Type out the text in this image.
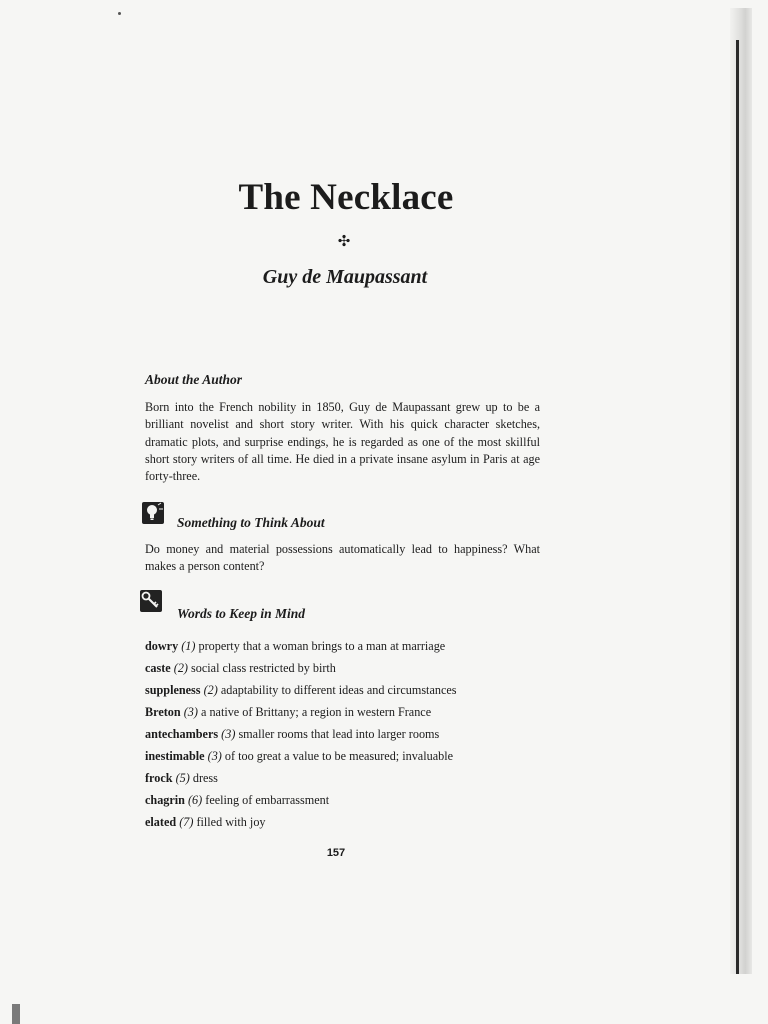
The Necklace
✣
Guy de Maupassant
About the Author

Born into the French nobility in 1850, Guy de Maupassant grew up to be a brilliant novelist and short story writer. With his quick character sketches, dramatic plots, and surprise endings, he is regarded as one of the most skillful short story writers of all time. He died in a private insane asylum in Paris at age forty-three.

Something to Think About

Do money and material possessions automatically lead to happiness? What makes a person content?

Words to Keep in Mind
dowry (1) property that a woman brings to a man at marriage
caste (2) social class restricted by birth
suppleness (2) adaptability to different ideas and circumstances
Breton (3) a native of Brittany; a region in western France
antechambers (3) smaller rooms that lead into larger rooms
inestimable (3) of too great a value to be measured; invaluable
frock (5) dress
chagrin (6) feeling of embarrassment
elated (7) filled with joy
157
